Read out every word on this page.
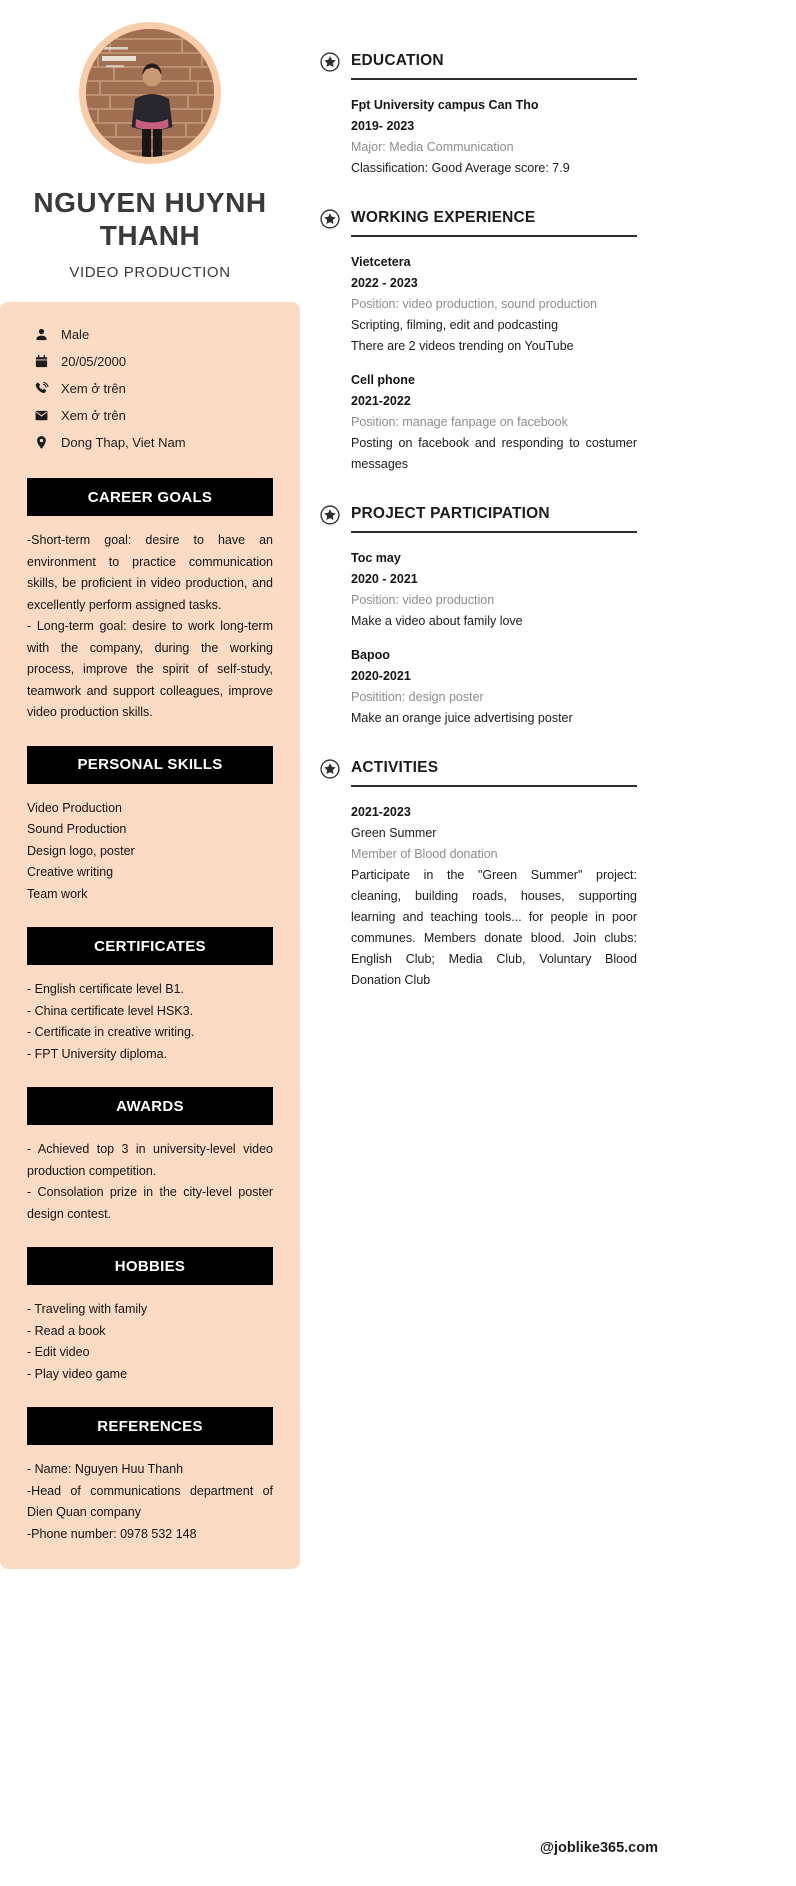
NGUYEN HUYNH THANH
VIDEO PRODUCTION
Male
20/05/2000
Xem ở trên
Xem ở trên
Dong Thap, Viet Nam
CAREER GOALS

-Short-term goal: desire to have an environment to practice communication skills, be proficient in video production, and excellently perform assigned tasks.

- Long-term goal: desire to work long-term with the company, during the working process, improve the spirit of self-study, teamwork and support colleagues, improve video production skills.

PERSONAL SKILLS
Video Production
Sound Production
Design logo, poster
Creative writing
Team work
CERTIFICATES
- English certificate level B1.
- China certificate level HSK3.
- Certificate in creative writing.
- FPT University diploma.
AWARDS

- Achieved top 3 in university-level video production competition.

- Consolation prize in the city-level poster design contest.

HOBBIES
- Traveling with family
- Read a book
- Edit video
- Play video game
REFERENCES
- Name: Nguyen Huu Thanh

-Head of communications department of Dien Quan company

-Phone number: 0978 532 148
EDUCATION
Fpt University campus Can Tho
2019- 2023
Major: Media Communication
Classification: Good Average score: 7.9
WORKING EXPERIENCE
Vietcetera
2022 - 2023
Position: video production, sound production
Scripting, filming, edit and podcasting
There are 2 videos trending on YouTube
Cell phone
2021-2022
Position: manage fanpage on facebook

Posting on facebook and responding to costumer messages

PROJECT PARTICIPATION
Toc may
2020 - 2021
Position: video production
Make a video about family love
Bapoo
2020-2021
Positition: design poster
Make an orange juice advertising poster
ACTIVITIES
2021-2023
Green Summer
Member of Blood donation

Participate in the "Green Summer" project: cleaning, building roads, houses, supporting learning and teaching tools... for people in poor communes. Members donate blood. Join clubs: English Club; Media Club, Voluntary Blood Donation Club

@joblike365.com
